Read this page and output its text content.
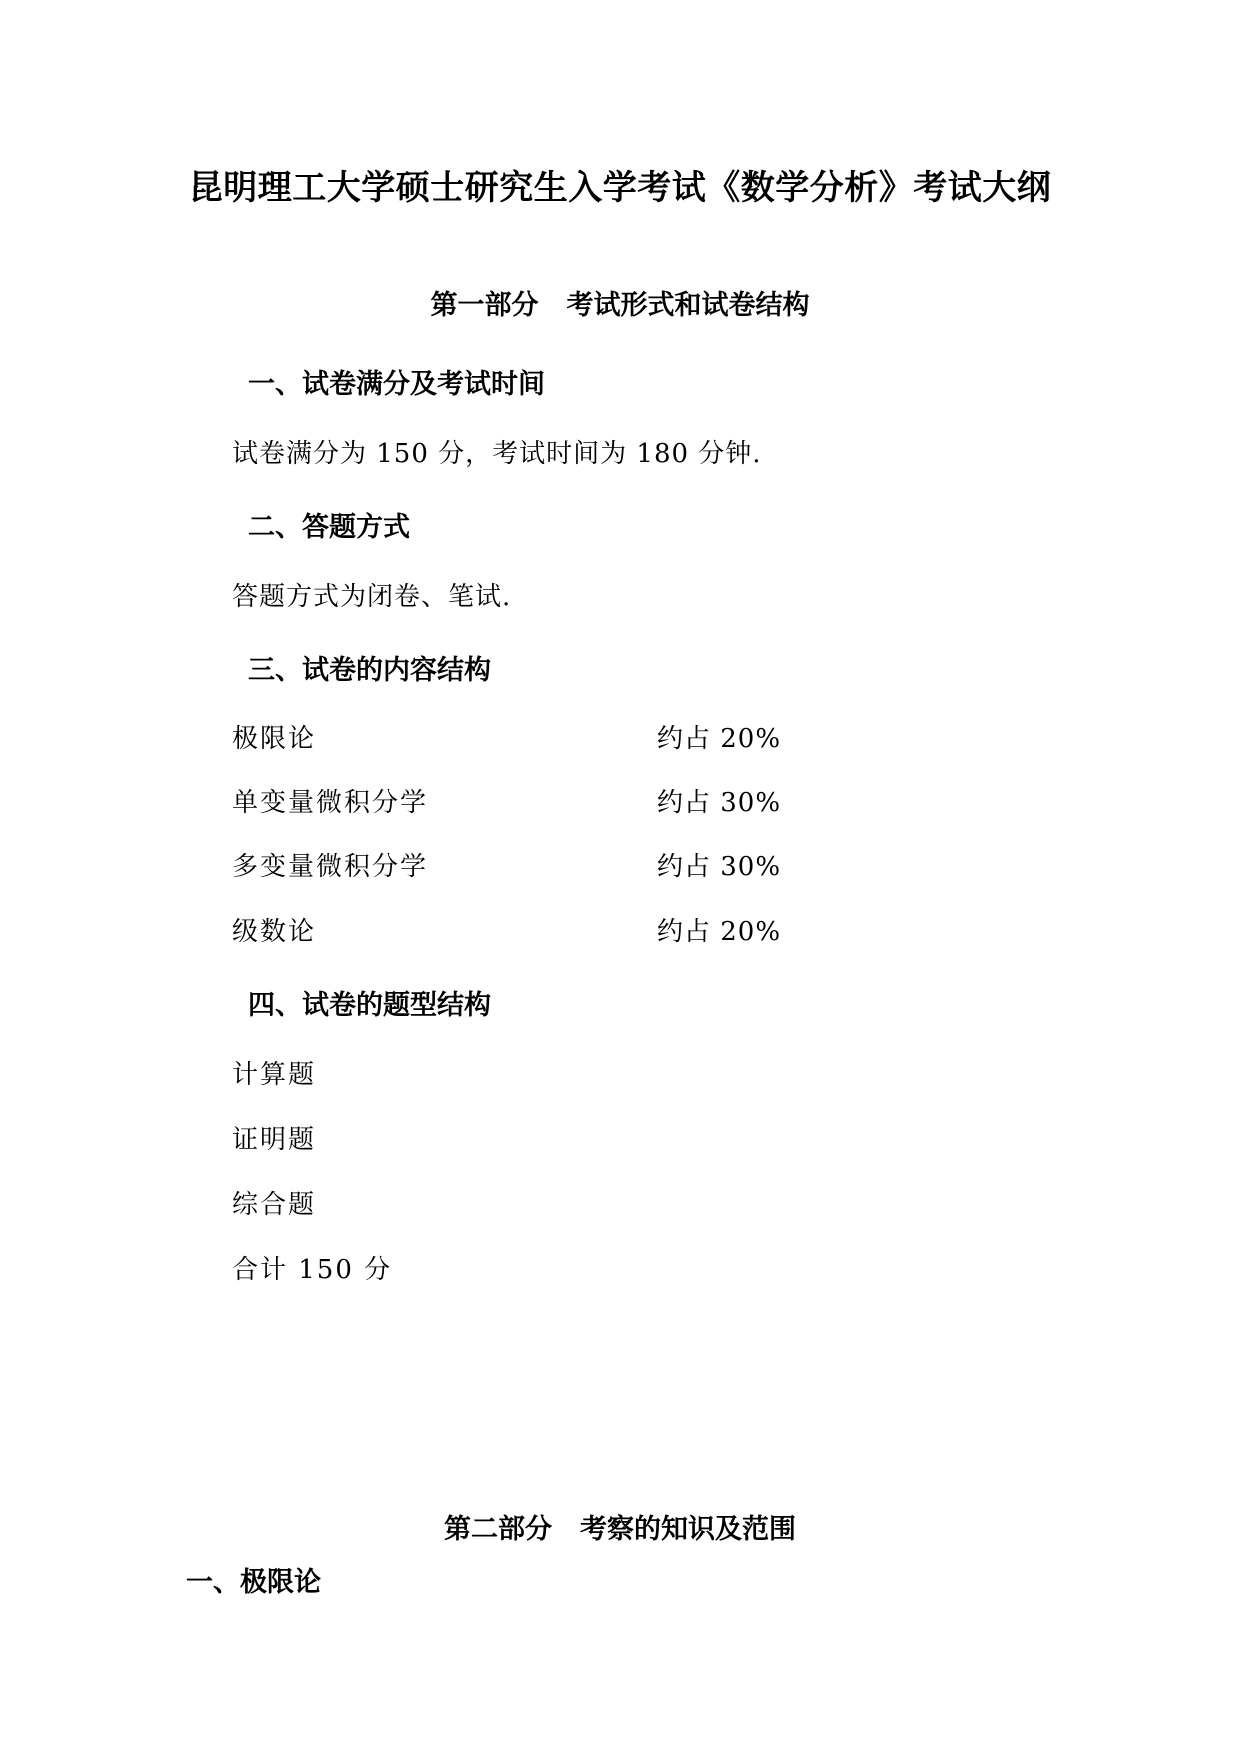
昆明理工大学硕士研究生入学考试《数学分析》考试大纲
第一部分 考试形式和试卷结构
一、试卷满分及考试时间
试卷满分为 150 分，考试时间为 180 分钟.
二、答题方式
答题方式为闭卷、笔试.
三、试卷的内容结构
极限论	约占 20%
单变量微积分学	约占 30%
多变量微积分学	约占 30%
级数论	约占 20%
四、试卷的题型结构
计算题
证明题
综合题
合计 150 分
第二部分 考察的知识及范围
一、极限论
